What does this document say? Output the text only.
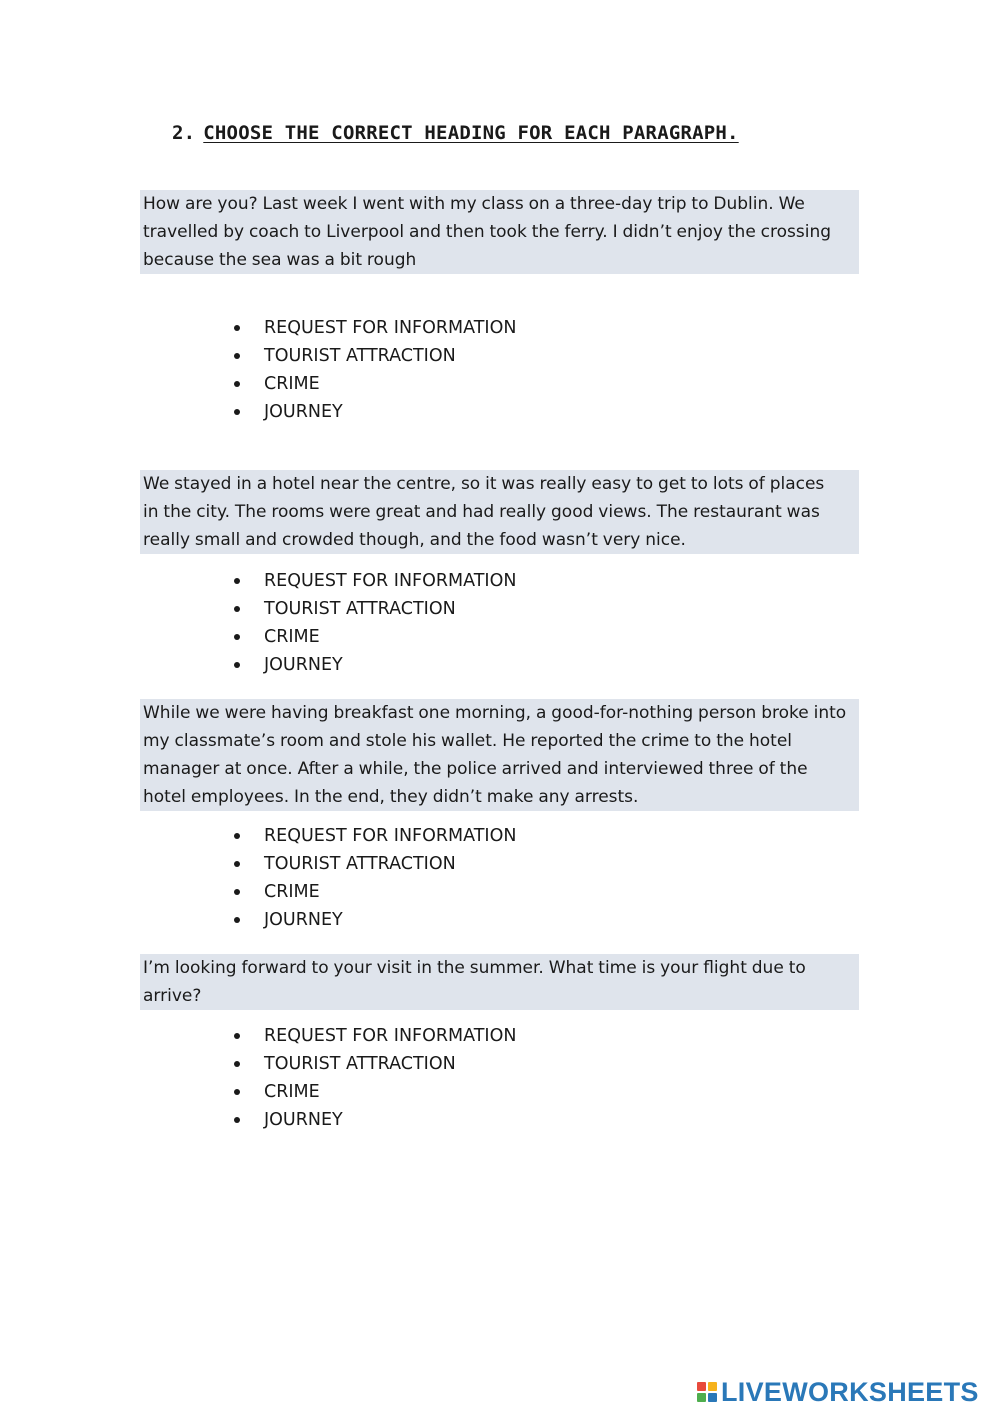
2. CHOOSE THE CORRECT HEADING FOR EACH PARAGRAPH.
How are you? Last week I went with my class on a three-day trip to Dublin. We
travelled by coach to Liverpool and then took the ferry. I didn’t enjoy the crossing
because the sea was a bit rough
REQUEST FOR INFORMATION
TOURIST ATTRACTION
CRIME
JOURNEY
We stayed in a hotel near the centre, so it was really easy to get to lots of places
in the city. The rooms were great and had really good views. The restaurant was
really small and crowded though, and the food wasn’t very nice.
REQUEST FOR INFORMATION
TOURIST ATTRACTION
CRIME
JOURNEY
While we were having breakfast one morning, a good-for-nothing person broke into
my classmate’s room and stole his wallet. He reported the crime to the hotel
manager at once. After a while, the police arrived and interviewed three of the
hotel employees. In the end, they didn’t make any arrests.
REQUEST FOR INFORMATION
TOURIST ATTRACTION
CRIME
JOURNEY
I’m looking forward to your visit in the summer. What time is your flight due to
arrive?
REQUEST FOR INFORMATION
TOURIST ATTRACTION
CRIME
JOURNEY
LIVEWORKSHEETS
